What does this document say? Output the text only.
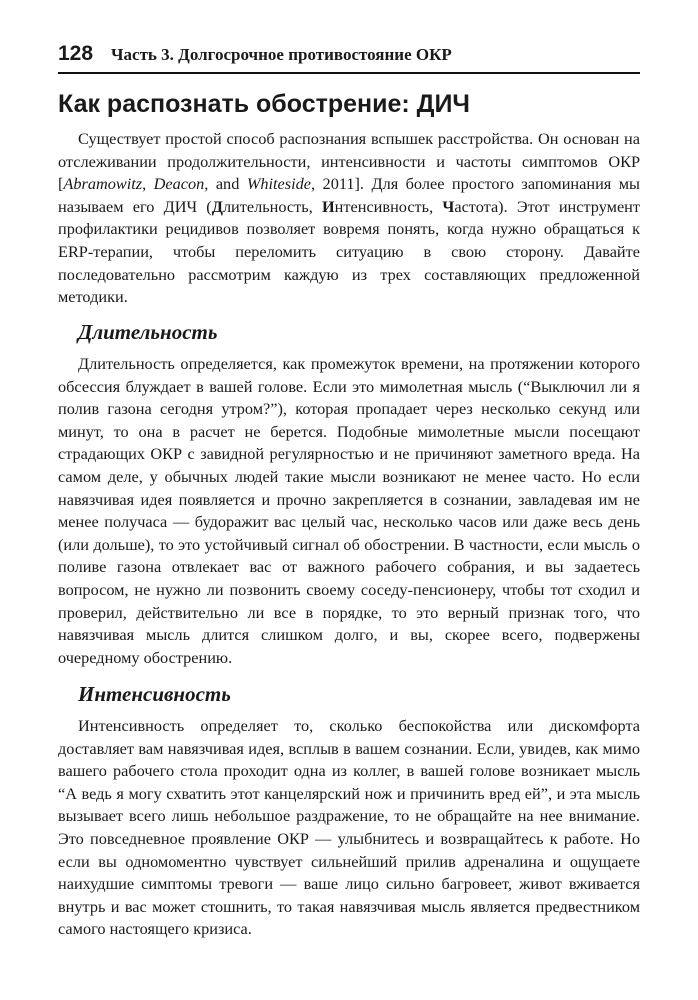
128 Часть 3. Долгосрочное противостояние ОКР
Как распознать обострение: ДИЧ

Существует простой способ распознания вспышек расстройства. Он основан на отслеживании продолжительности, интенсивности и частоты симптомов ОКР [Abramowitz, Deacon, and Whiteside, 2011]. Для более простого запоминания мы называем его ДИЧ (Длительность, Интенсивность, Частота). Этот инструмент профилактики рецидивов позволяет вовремя понять, когда нужно обращаться к ERP-терапии, чтобы переломить ситуацию в свою сторону. Давайте последовательно рассмотрим каждую из трех составляющих предложенной методики.

Длительность

Длительность определяется, как промежуток времени, на протяжении которого обсессия блуждает в вашей голове. Если это мимолетная мысль (“Выключил ли я полив газона сегодня утром?”), которая пропадает через несколько секунд или минут, то она в расчет не берется. Подобные мимолетные мысли посещают страдающих ОКР с завидной регулярностью и не причиняют заметного вреда. На самом деле, у обычных людей такие мысли возникают не менее часто. Но если навязчивая идея появляется и прочно закрепляется в сознании, завладевая им не менее получаса — будоражит вас целый час, несколько часов или даже весь день (или дольше), то это устойчивый сигнал об обострении. В частности, если мысль о поливе газона отвлекает вас от важного рабочего собрания, и вы задаетесь вопросом, не нужно ли позвонить своему соседу-пенсионеру, чтобы тот сходил и проверил, действительно ли все в порядке, то это верный признак того, что навязчивая мысль длится слишком долго, и вы, скорее всего, подвержены очередному обострению.

Интенсивность

Интенсивность определяет то, сколько беспокойства или дискомфорта доставляет вам навязчивая идея, всплыв в вашем сознании. Если, увидев, как мимо вашего рабочего стола проходит одна из коллег, в вашей голове возникает мысль “А ведь я могу схватить этот канцелярский нож и причинить вред ей”, и эта мысль вызывает всего лишь небольшое раздражение, то не обращайте на нее внимание. Это повседневное проявление ОКР — улыбнитесь и возвращайтесь к работе. Но если вы одномоментно чувствует сильнейший прилив адреналина и ощущаете наихудшие симптомы тревоги — ваше лицо сильно багровеет, живот вживается внутрь и вас может стошнить, то такая навязчивая мысль является предвестником самого настоящего кризиса.
